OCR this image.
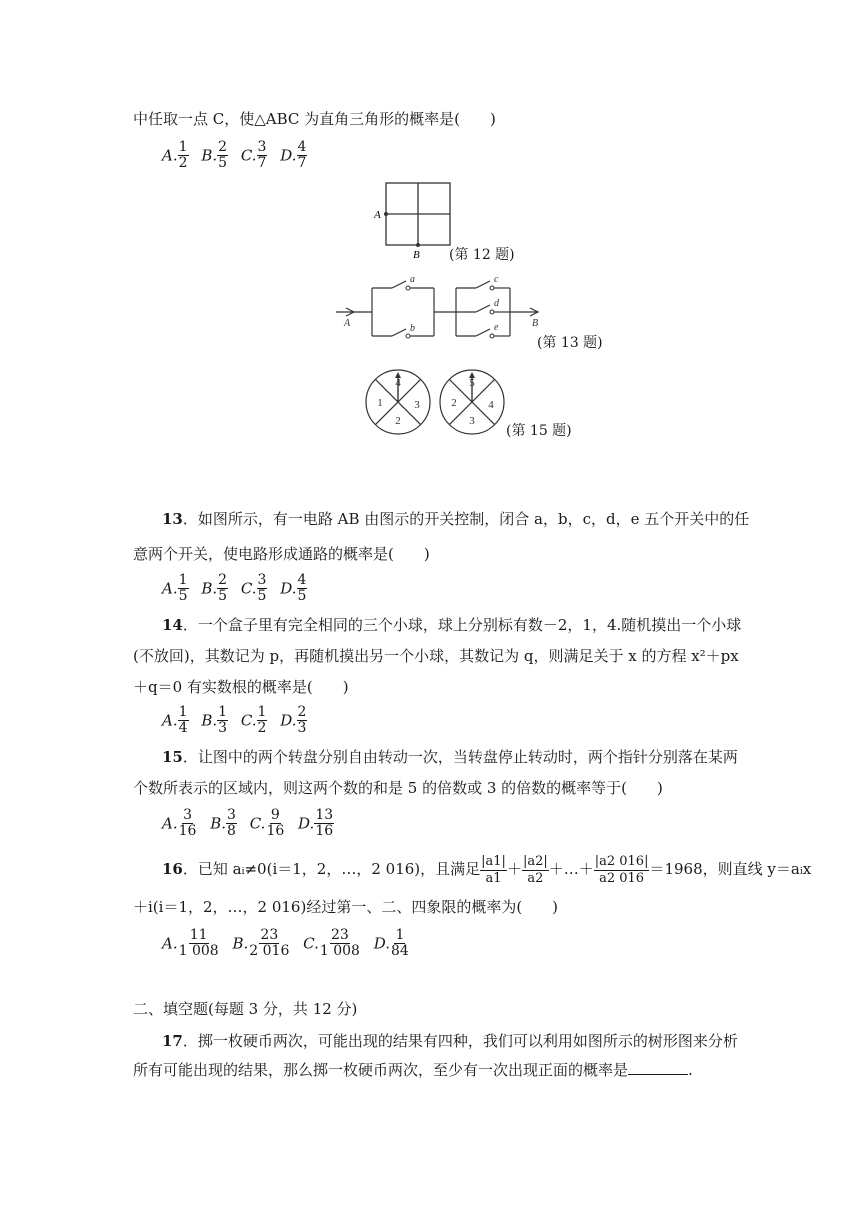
中任取一点 C，使△ABC 为直角三角形的概率是(　　)
A. $\frac{1}{2} B$. $\frac{2}{5} C$. $\frac{3}{7} D$. $\frac{4}{7}$
A
B (第 12 题)
a
b
c
d
e
A	B
(第 13 题)
4
1	3
2
5
2	4
3
(第 15 题)
13．如图所示，有一电路 AB 由图示的开关控制，闭合 a，b，c，d，e 五个开关中的任
意两个开关，使电路形成通路的概率是(　　)
A. $\frac{1}{5} B$. $\frac{2}{5} C$. $\frac{3}{5} D$. $\frac{4}{5}$
14．一个盒子里有完全相同的三个小球，球上分别标有数－2，1，4.随机摸出一个小球
(不放回)，其数记为 p，再随机摸出另一个小球，其数记为 q，则满足关于 x 的方程 x²＋px
＋q＝0 有实数根的概率是(　　)
A. $\frac{1}{4} B$. $\frac{1}{3} C$. $\frac{1}{2} D$. $\frac{2}{3}$
15．让图中的两个转盘分别自由转动一次，当转盘停止转动时，两个指针分别落在某两
个数所表示的区域内，则这两个数的和是 5 的倍数或 3 的倍数的概率等于(　　)
A. $\frac{3}{16} B$. $\frac{3}{8} C$. $\frac{9}{16} D$. $\frac{13}{16}$
16．已知 ai≠0(i＝1，2，…，2 016)，且满足 $\frac{|a1|}{a1} + \frac{|a2|}{a2}$ ＋…＋ $\frac{|a2 016|}{a2 016} =1968$，则直线 y＝aix
＋i(i＝1，2，…，2 016)经过第一、二、四象限的概率为(　　)
A. $\frac{11}{1 008} B$. $\frac{23}{2 016} C$. $\frac{23}{1 008} D$. $\frac{1}{84}$
二、填空题(每题 3 分，共 12 分)
17．掷一枚硬币两次，可能出现的结果有四种，我们可以利用如图所示的树形图来分析
所有可能出现的结果，那么掷一枚硬币两次，至少有一次出现正面的概率是	.
